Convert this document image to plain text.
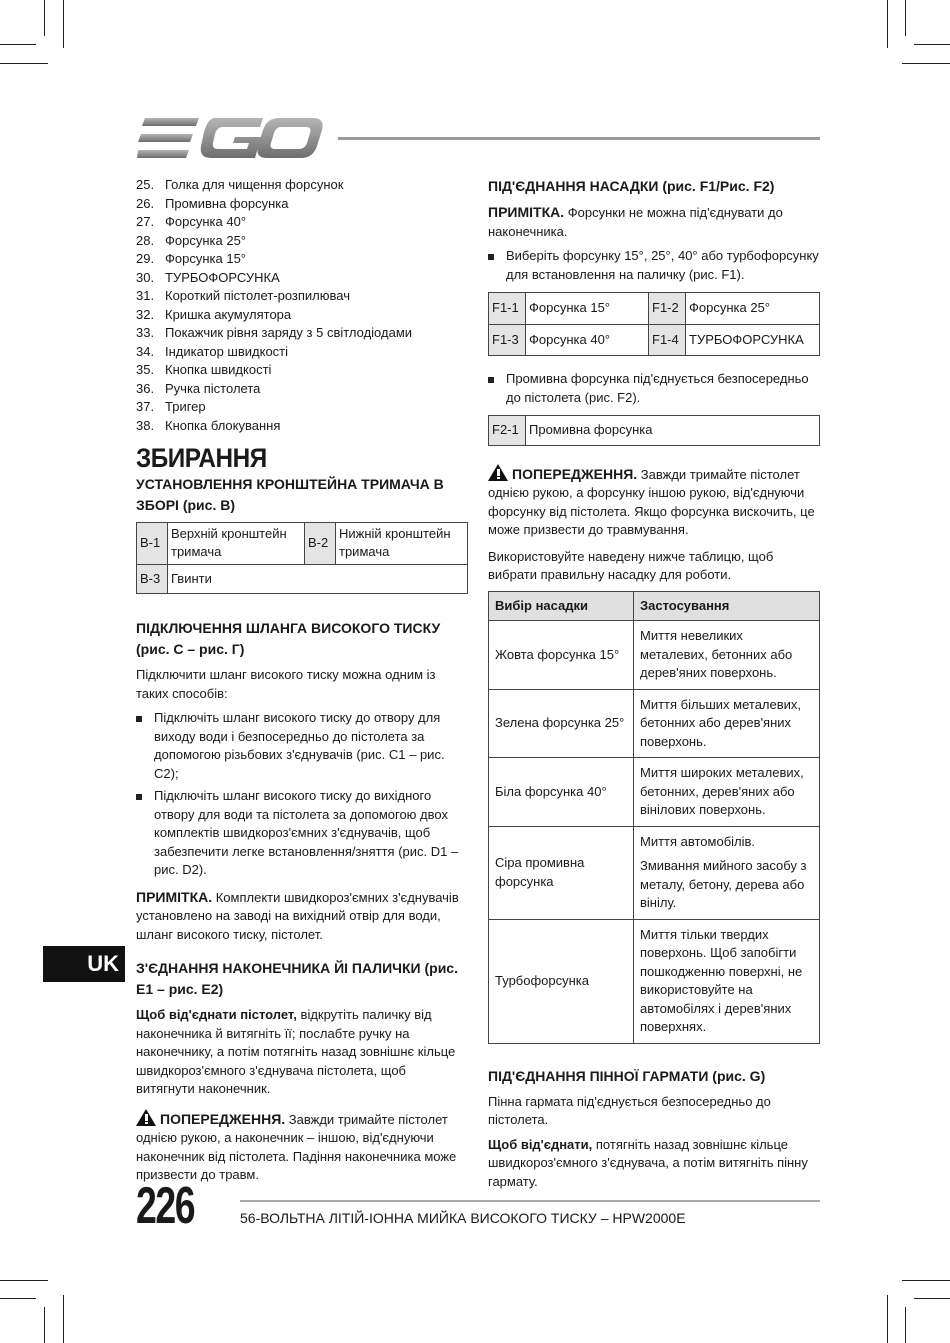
25. Голка для чищення форсунок
26. Промивна форсунка
27. Форсунка 40°
28. Форсунка 25°
29. Форсунка 15°
30. ТУРБОФОРСУНКА
31. Короткий пістолет-розпилювач
32. Кришка акумулятора
33. Покажчик рівня заряду з 5 світлодіодами
34. Індикатор швидкості
35. Кнопка швидкості
36. Ручка пістолета
37. Тригер
38. Кнопка блокування
ЗБИРАННЯ
УСТАНОВЛЕННЯ КРОНШТЕЙНА ТРИМАЧА В ЗБОРІ (рис. B)
B-1	Верхній кронштейн тримача	B-2	Нижній кронштейн тримача
B-3	Гвинти		
ПІДКЛЮЧЕННЯ ШЛАНГА ВИСОКОГО ТИСКУ (рис. C – рис. Г)

Підключити шланг високого тиску можна одним із таких способів:

Підключіть шланг високого тиску до отвору для виходу води і безпосередньо до пістолета за допомогою різьбових з'єднувачів (рис. C1 – рис. C2);
Підключіть шланг високого тиску до вихідного отвору для води та пістолета за допомогою двох комплектів швидкороз'ємних з'єднувачів, щоб забезпечити легке встановлення/зняття (рис. D1 – рис. D2).

ПРИМІТКА. Комплекти швидкороз'ємних з'єднувачів установлено на заводі на вихідний отвір для води, шланг високого тиску, пістолет.

З'ЄДНАННЯ НАКОНЕЧНИКА ЙІ ПАЛИЧКИ (рис. E1 – рис. E2)

Щоб від'єднати пістолет, відкрутіть паличку від наконечника й витягніть її; послабте ручку на наконечнику, а потім потягніть назад зовнішнє кільце швидкороз'ємного з'єднувача пістолета, щоб витягнути наконечник.

ПОПЕРЕДЖЕННЯ. Завжди тримайте пістолет однією рукою, а наконечник – іншою, від'єднуючи наконечник від пістолета. Падіння наконечника може призвести до травм.

ПІД'ЄДНАННЯ НАСАДКИ (рис. F1/Рис. F2)

ПРИМІТКА. Форсунки не можна під'єднувати до наконечника.

Виберіть форсунку 15°, 25°, 40° або турбофорсунку для встановлення на паличку (рис. F1).
F1-1	Форсунка 15°	F1-2	Форсунка 25°
F1-3	Форсунка 40°	F1-4	ТУРБОФОРСУНКА
Промивна форсунка під'єднується безпосередньо до пістолета (рис. F2).
F2-1	Промивна форсунка

ПОПЕРЕДЖЕННЯ. Завжди тримайте пістолет однією рукою, а форсунку іншою рукою, від'єднуючи форсунку від пістолета. Якщо форсунка вискочить, це може призвести до травмування.

Використовуйте наведену нижче таблицю, щоб вибрати правильну насадку для роботи.

Вибір насадки	Застосування
Жовта форсунка 15°	Миття невеликих металевих, бетонних або дерев'яних поверхонь.
Зелена форсунка 25°	Миття більших металевих, бетонних або дерев'яних поверхонь.
Біла форсунка 40°	Миття широких металевих, бетонних, дерев'яних або вінілових поверхонь.
Сіра промивна форсунка	Миття автомобілів.
Змивання мийного засобу з металу, бетону, дерева або вінілу.

Турбофорсунка	Миття тільки твердих поверхонь. Щоб запобігти пошкодженню поверхні, не використовуйте на автомобілях і дерев'яних поверхнях.
ПІД'ЄДНАННЯ ПІННОЇ ГАРМАТИ (рис. G)

Пінна гармата під'єднується безпосередньо до пістолета.

Щоб від'єднати, потягніть назад зовнішнє кільце швидкороз'ємного з'єднувача, а потім витягніть пінну гармату.

UK
226	56-ВОЛЬТНА ЛІТІЙ-ІОННА МИЙКА ВИСОКОГО ТИСКУ – HPW2000E
